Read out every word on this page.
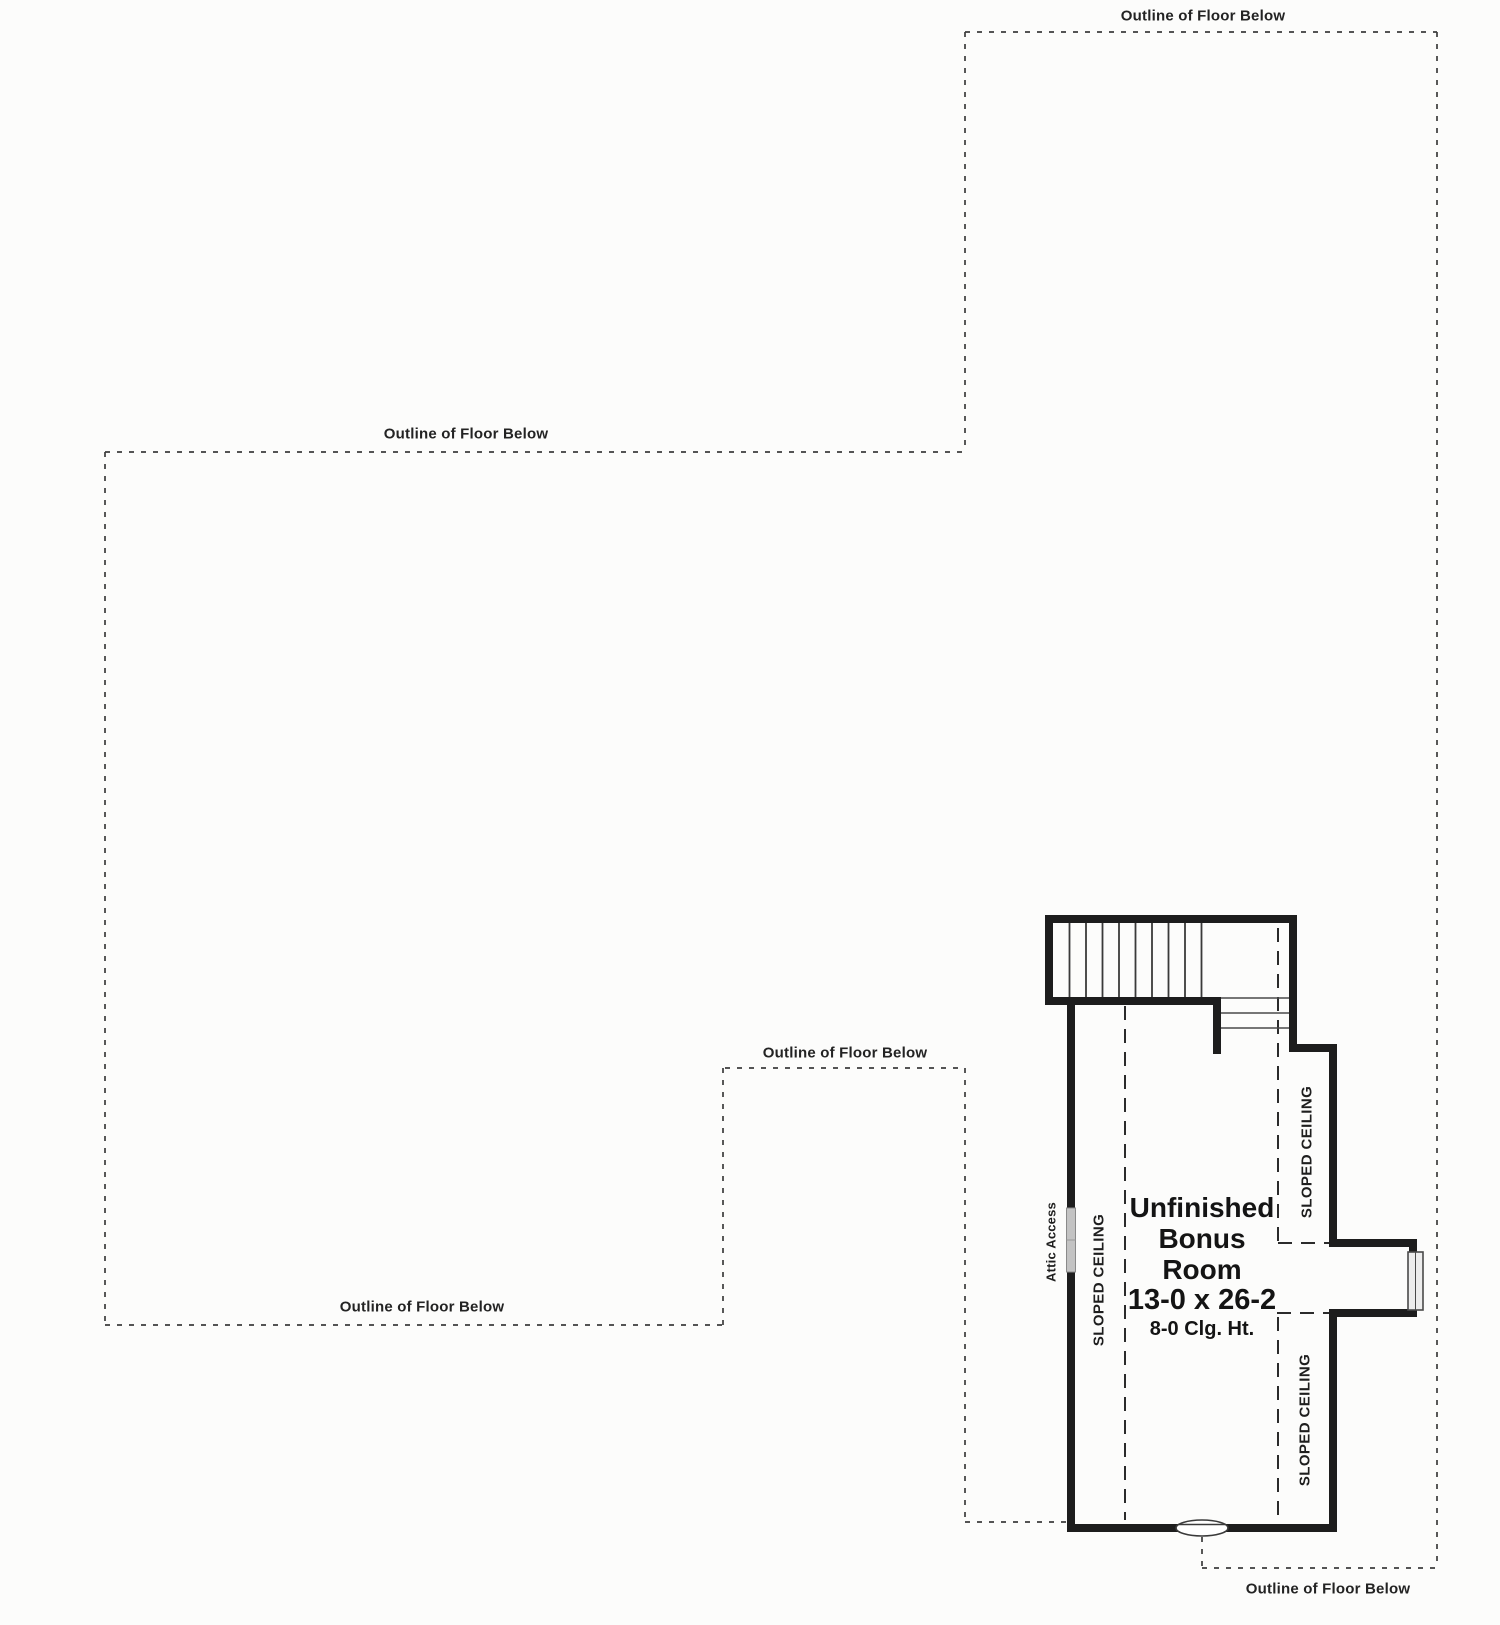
Outline of Floor Below
Outline of Floor Below
Outline of Floor Below
Outline of Floor Below
Outline of Floor Below
Attic Access SLOPED CEILING
SLOPED CEILING
SLOPED CEILING
Unfinished
Bonus
Room
13-0 x 26-2
8-0 Clg. Ht.
